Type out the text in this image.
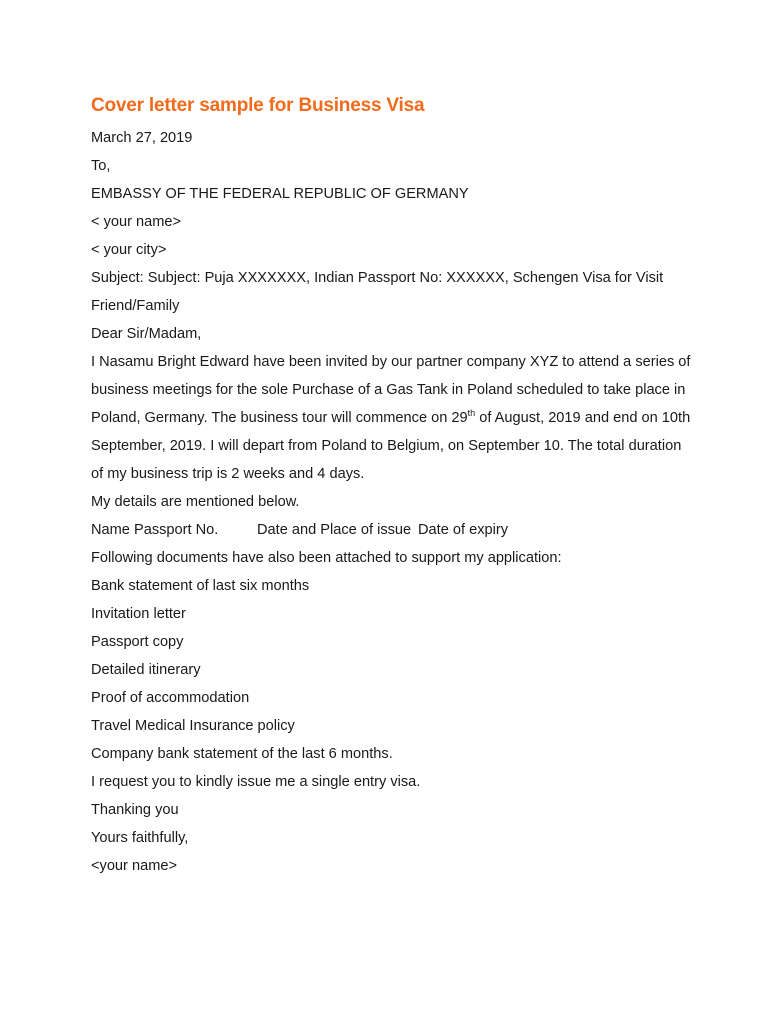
Cover letter sample for Business Visa

March 27, 2019

To,

EMBASSY OF THE FEDERAL REPUBLIC OF GERMANY

< your name>

< your city>

Subject: Subject: Puja XXXXXXX, Indian Passport No: XXXXXX, Schengen Visa for Visit

Friend/Family

Dear Sir/Madam,

I Nasamu Bright Edward have been invited by our partner company XYZ to attend a series of business meetings for the sole Purchase of a Gas Tank in Poland scheduled to take place in Poland, Germany. The business tour will commence on 29th of August, 2019 and end on 10th September, 2019. I will depart from Poland to Belgium, on September 10. The total duration of my business trip is 2 weeks and 4 days.

My details are mentioned below.

Name Passport No.	Date and Place of issue Date of expiry

Following documents have also been attached to support my application:

Bank statement of last six months

Invitation letter

Passport copy

Detailed itinerary

Proof of accommodation

Travel Medical Insurance policy

Company bank statement of the last 6 months.

I request you to kindly issue me a single entry visa.

Thanking you

Yours faithfully,

<your name>
